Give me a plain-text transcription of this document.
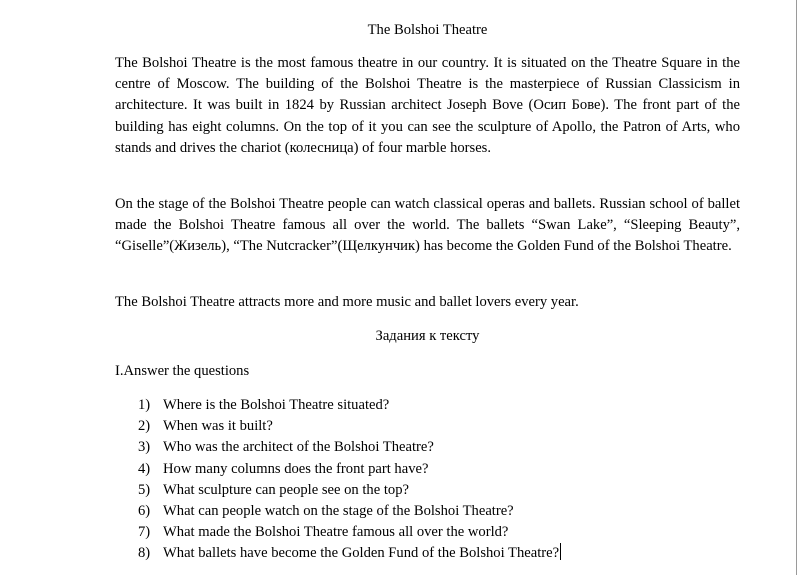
The Bolshoi Theatre

The Bolshoi Theatre is the most famous theatre in our country. It is situated on the Theatre Square in the centre of Moscow. The building of the Bolshoi Theatre is the masterpiece of Russian Classicism in architecture. It was built in 1824 by Russian architect Joseph Bove (Осип Бове). The front part of the building has eight columns. On the top of it you can see the sculpture of Apollo, the Patron of Arts, who stands and drives the chariot (колесница) of four marble horses.

On the stage of the Bolshoi Theatre people can watch classical operas and ballets. Russian school of ballet made the Bolshoi Theatre famous all over the world. The ballets “Swan Lake”, “Sleeping Beauty”, “Giselle”(Жизель), “The Nutcracker”(Щелкунчик) has become the Golden Fund of the Bolshoi Theatre.

The Bolshoi Theatre attracts more and more music and ballet lovers every year.

Задания к тексту
I.Answer the questions
1) Where is the Bolshoi Theatre situated?
2) When was it built?
3) Who was the architect of the Bolshoi Theatre?
4) How many columns does the front part have?
5) What sculpture can people see on the top?
6) What can people watch on the stage of the Bolshoi Theatre?
7) What made the Bolshoi Theatre famous all over the world?
8) What ballets have become the Golden Fund of the Bolshoi Theatre?
